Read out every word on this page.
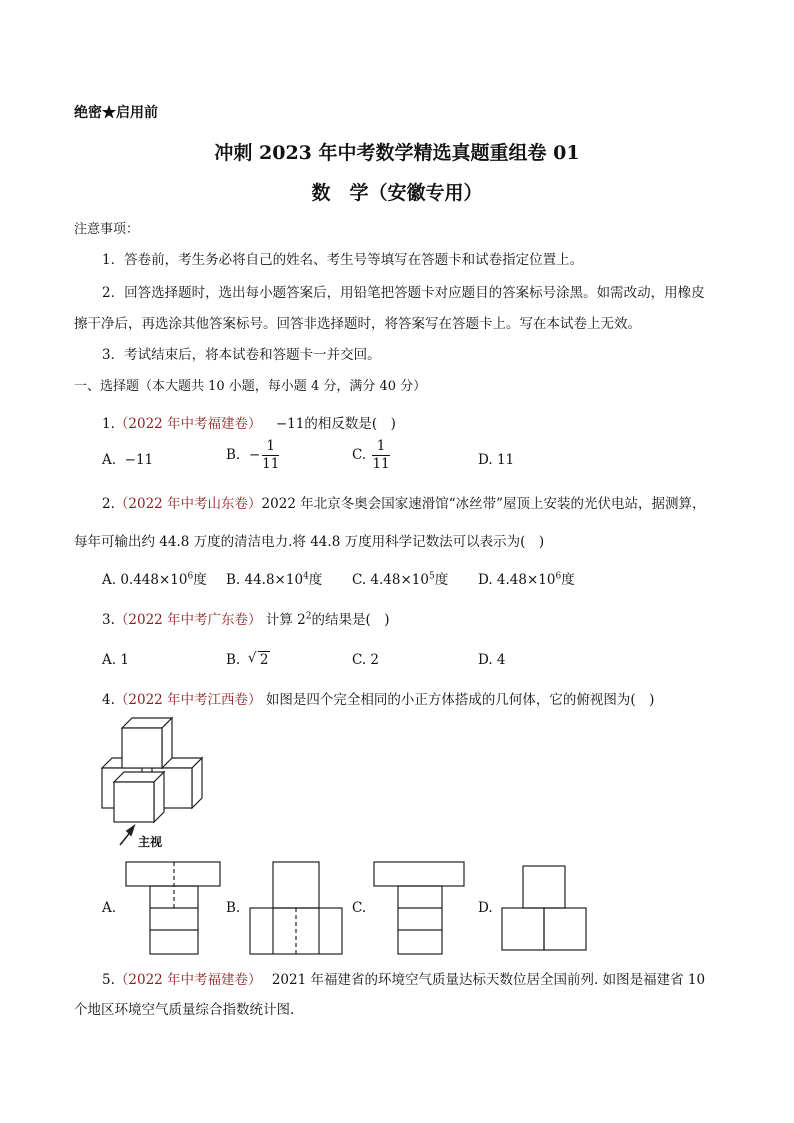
绝密★启用前
冲刺 2023 年中考数学精选真题重组卷 01
数　学（安徽专用）
注意事项：
1．答卷前，考生务必将自己的姓名、考生号等填写在答题卡和试卷指定位置上。
2．回答选择题时，选出每小题答案后，用铅笔把答题卡对应题目的答案标号涂黑。如需改动，用橡皮
擦干净后，再选涂其他答案标号。回答非选择题时，将答案写在答题卡上。写在本试卷上无效。
3．考试结束后，将本试卷和答题卡一并交回。
一、选择题（本大题共 10 小题，每小题 4 分，满分 40 分）
1.（2022 年中考福建卷） −11的相反数是(　)
A. −11	B. − $\frac{1}{11}$	C. $\frac{1}{11}$	D. 11
2.（2022 年中考山东卷）2022 年北京冬奥会国家速滑馆“冰丝带”屋顶上安装的光伏电站，据测算，
每年可输出约 44.8 万度的清洁电力.将 44.8 万度用科学记数法可以表示为(　)
A. $0.448\times 10^6$度 B. $44.8\times 10^4$度 C. $4.48\times 10^5$度 D. $4.48\times 10^6$度
3.（2022 年中考广东卷） 计算 $2^2$的结果是(　)
A. 1	B.  √ 2	C. 2	D. 4
4.（2022 年中考江西卷） 如图是四个完全相同的小正方体搭成的几何体，它的俯视图为(　)
主视
A.	B.	C.	D.
5.（2022 年中考福建卷） 2021 年福建省的环境空气质量达标天数位居全国前列. 如图是福建省 10
个地区环境空气质量综合指数统计图.
